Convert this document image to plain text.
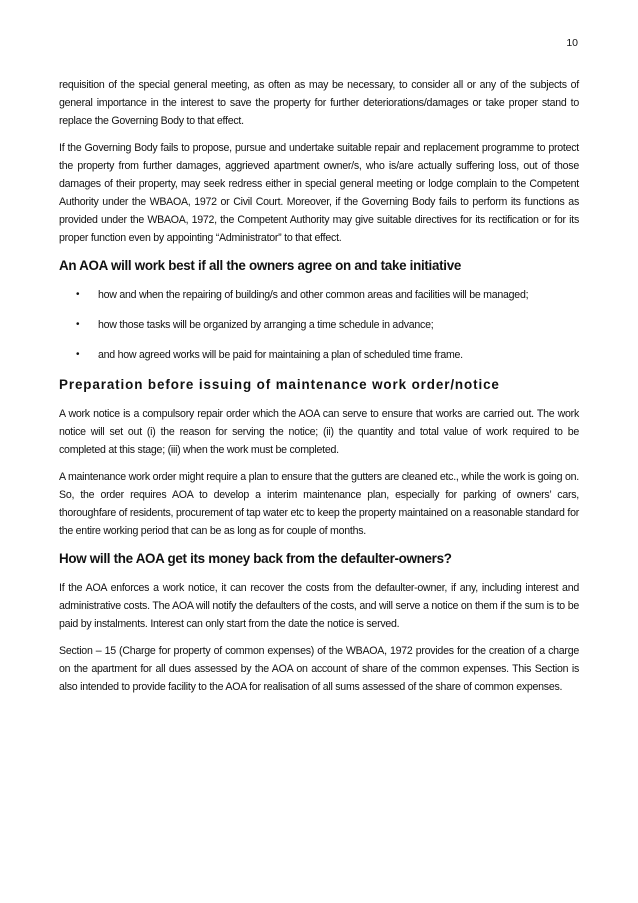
10

requisition of the special general meeting, as often as may be necessary, to consider all or any of the subjects of general importance in the interest to save the property for further deteriorations/damages or take proper stand to replace the Governing Body to that effect.

If the Governing Body fails to propose, pursue and undertake suitable repair and replacement programme to protect the property from further damages, aggrieved apartment owner/s, who is/are actually suffering loss, out of those damages of their property, may seek redress either in special general meeting or lodge complain to the Competent Authority under the WBAOA, 1972 or Civil Court. Moreover, if the Governing Body fails to perform its functions as provided under the WBAOA, 1972, the Competent Authority may give suitable directives for its rectification or for its proper function even by appointing “Administrator” to that effect.

An AOA will work best if all the owners agree on and take initiative
• how and when the repairing of building/s and other common areas and facilities will be managed;
• how those tasks will be organized by arranging a time schedule in advance;
• and how agreed works will be paid for maintaining a plan of scheduled time frame.
Preparation before issuing of maintenance work order/notice

A work notice is a compulsory repair order which the AOA can serve to ensure that works are carried out. The work notice will set out (i) the reason for serving the notice; (ii) the quantity and total value of work required to be completed at this stage; (iii) when the work must be completed.

A maintenance work order might require a plan to ensure that the gutters are cleaned etc., while the work is going on. So, the order requires AOA to develop a interim maintenance plan, especially for parking of owners’ cars, thoroughfare of residents, procurement of tap water etc to keep the property maintained on a reasonable standard for the entire working period that can be as long as for couple of months.

How will the AOA get its money back from the defaulter-owners?

If the AOA enforces a work notice, it can recover the costs from the defaulter-owner, if any, including interest and administrative costs. The AOA will notify the defaulters of the costs, and will serve a notice on them if the sum is to be paid by instalments. Interest can only start from the date the notice is served.

Section – 15 (Charge for property of common expenses) of the WBAOA, 1972 provides for the creation of a charge on the apartment for all dues assessed by the AOA on account of share of the common expenses. This Section is also intended to provide facility to the AOA for realisation of all sums assessed of the share of common expenses.
